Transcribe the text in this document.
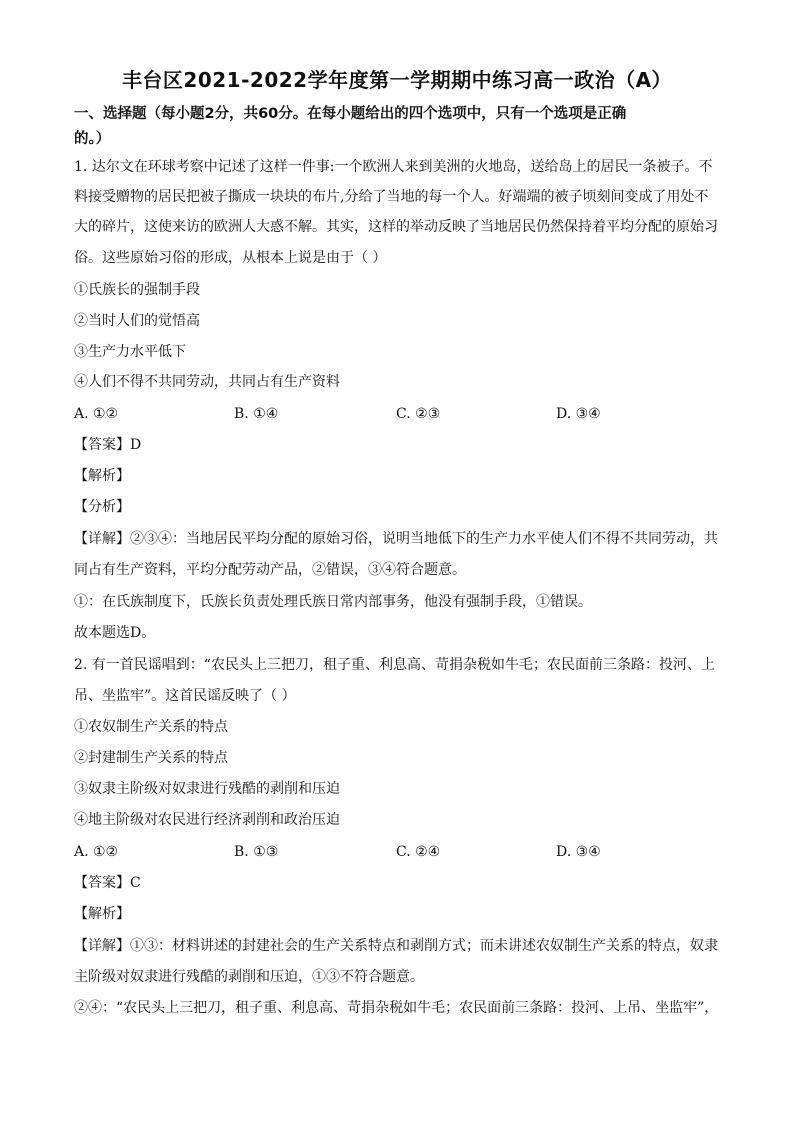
丰台区2021-2022学年度第一学期期中练习高一政治（A）
一、选择题（每小题2分，共60分。在每小题给出的四个选项中，只有一个选项是正确
的。）
1. 达尔文在环球考察中记述了这样一件事:一个欧洲人来到美洲的火地岛，送给岛上的居民一条被子。不
料接受赠物的居民把被子撕成一块块的布片,分给了当地的每一个人。好端端的被子顷刻间变成了用处不
大的碎片，这使来访的欧洲人大惑不解。其实，这样的举动反映了当地居民仍然保持着平均分配的原始习
俗。这些原始习俗的形成，从根本上说是由于（ ）
①氏族长的强制手段
②当时人们的觉悟高
③生产力水平低下
④人们不得不共同劳动，共同占有生产资料
A. ①②	B. ①④	C. ②③	D. ③④
【答案】D
【解析】
【分析】
【详解】②③④：当地居民平均分配的原始习俗，说明当地低下的生产力水平使人们不得不共同劳动，共
同占有生产资料，平均分配劳动产品，②错误，③④符合题意。
①：在氏族制度下，氏族长负责处理氏族日常内部事务，他没有强制手段，①错误。
故本题选D。
2. 有一首民谣唱到：“农民头上三把刀，租子重、利息高、苛捐杂税如牛毛；农民面前三条路：投河、上
吊、坐监牢”。这首民谣反映了（ ）
①农奴制生产关系的特点
②封建制生产关系的特点
③奴隶主阶级对奴隶进行残酷的剥削和压迫
④地主阶级对农民进行经济剥削和政治压迫
A. ①②	B. ①③	C. ②④	D. ③④
【答案】C
【解析】
【详解】①③：材料讲述的封建社会的生产关系特点和剥削方式；而未讲述农奴制生产关系的特点，奴隶
主阶级对奴隶进行残酷的剥削和压迫，①③不符合题意。
②④：“农民头上三把刀，租子重、利息高、苛捐杂税如牛毛；农民面前三条路：投河、上吊、坐监牢”，
